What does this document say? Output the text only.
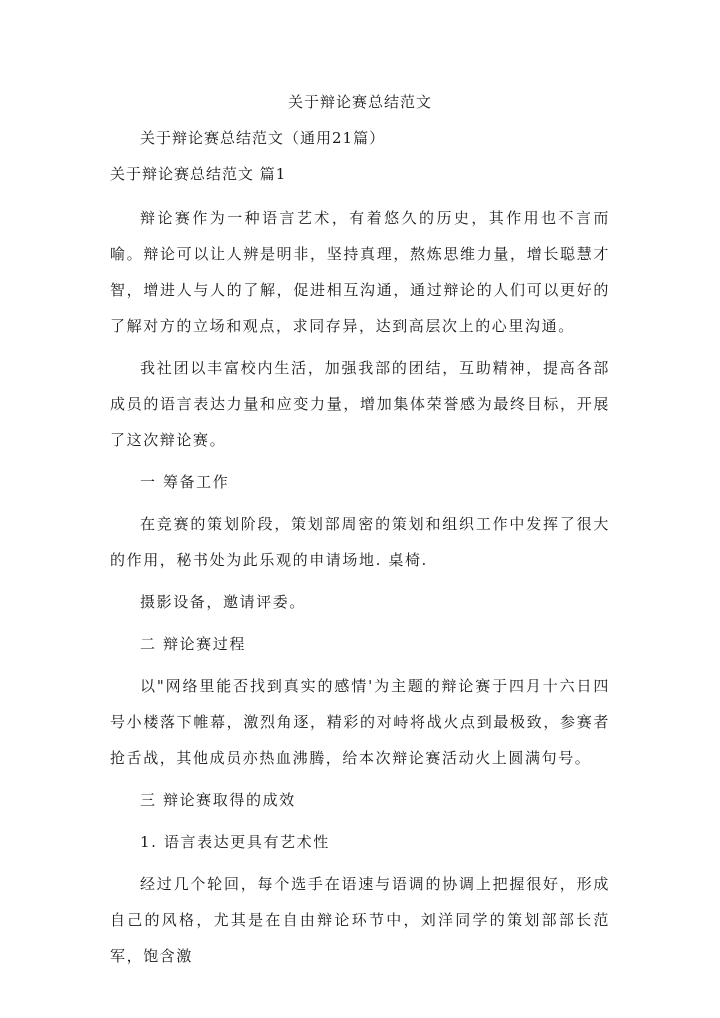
关于辩论赛总结范文

关于辩论赛总结范文（通用21篇）

关于辩论赛总结范文 篇1

辩论赛作为一种语言艺术，有着悠久的历史，其作用也不言而喻。辩论可以让人辨是明非，坚持真理，熬炼思维力量，增长聪慧才智，增进人与人的了解，促进相互沟通，通过辩论的人们可以更好的了解对方的立场和观点，求同存异，达到高层次上的心里沟通。

我社团以丰富校内生活，加强我部的团结，互助精神，提高各部成员的语言表达力量和应变力量，增加集体荣誉感为最终目标，开展了这次辩论赛。

一 筹备工作

在竞赛的策划阶段，策划部周密的策划和组织工作中发挥了很大的作用，秘书处为此乐观的申请场地. 桌椅.

摄影设备，邀请评委。

二 辩论赛过程

以"网络里能否找到真实的感情'为主题的辩论赛于四月十六日四号小楼落下帷幕，激烈角逐，精彩的对峙将战火点到最极致，参赛者抢舌战，其他成员亦热血沸腾，给本次辩论赛活动火上圆满句号。

三 辩论赛取得的成效

1. 语言表达更具有艺术性

经过几个轮回，每个选手在语速与语调的协调上把握很好，形成自己的风格，尤其是在自由辩论环节中，刘洋同学的策划部部长范军，饱含激
